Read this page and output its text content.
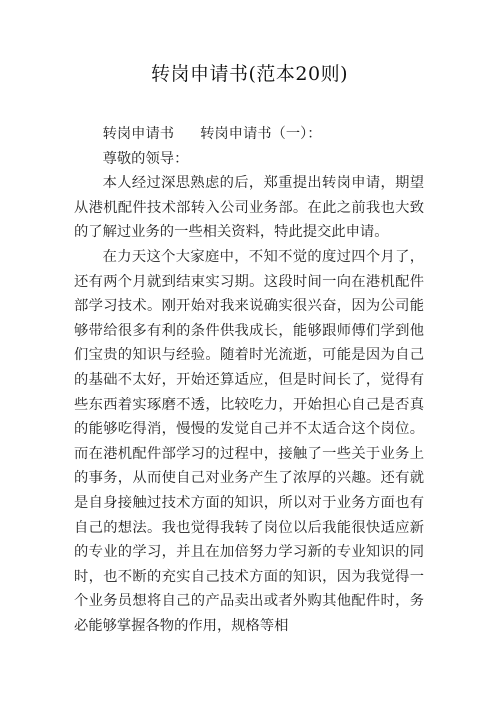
转岗申请书(范本20则)

转岗申请书 转岗申请书（一）：

尊敬的领导：

本人经过深思熟虑的后，郑重提出转岗申请，期望从港机配件技术部转入公司业务部。在此之前我也大致的了解过业务的一些相关资料，特此提交此申请。

在力天这个大家庭中，不知不觉的度过四个月了，还有两个月就到结束实习期。这段时间一向在港机配件部学习技术。刚开始对我来说确实很兴奋，因为公司能够带给很多有利的条件供我成长，能够跟师傅们学到他们宝贵的知识与经验。随着时光流逝，可能是因为自己的基础不太好，开始还算适应，但是时间长了，觉得有些东西着实琢磨不透，比较吃力，开始担心自己是否真的能够吃得消，慢慢的发觉自己并不太适合这个岗位。而在港机配件部学习的过程中，接触了一些关于业务上的事务，从而使自己对业务产生了浓厚的兴趣。还有就是自身接触过技术方面的知识，所以对于业务方面也有自己的想法。我也觉得我转了岗位以后我能很快适应新的专业的学习，并且在加倍努力学习新的专业知识的同时，也不断的充实自己技术方面的知识，因为我觉得一个业务员想将自己的产品卖出或者外购其他配件时，务必能够掌握各物的作用，规格等相
